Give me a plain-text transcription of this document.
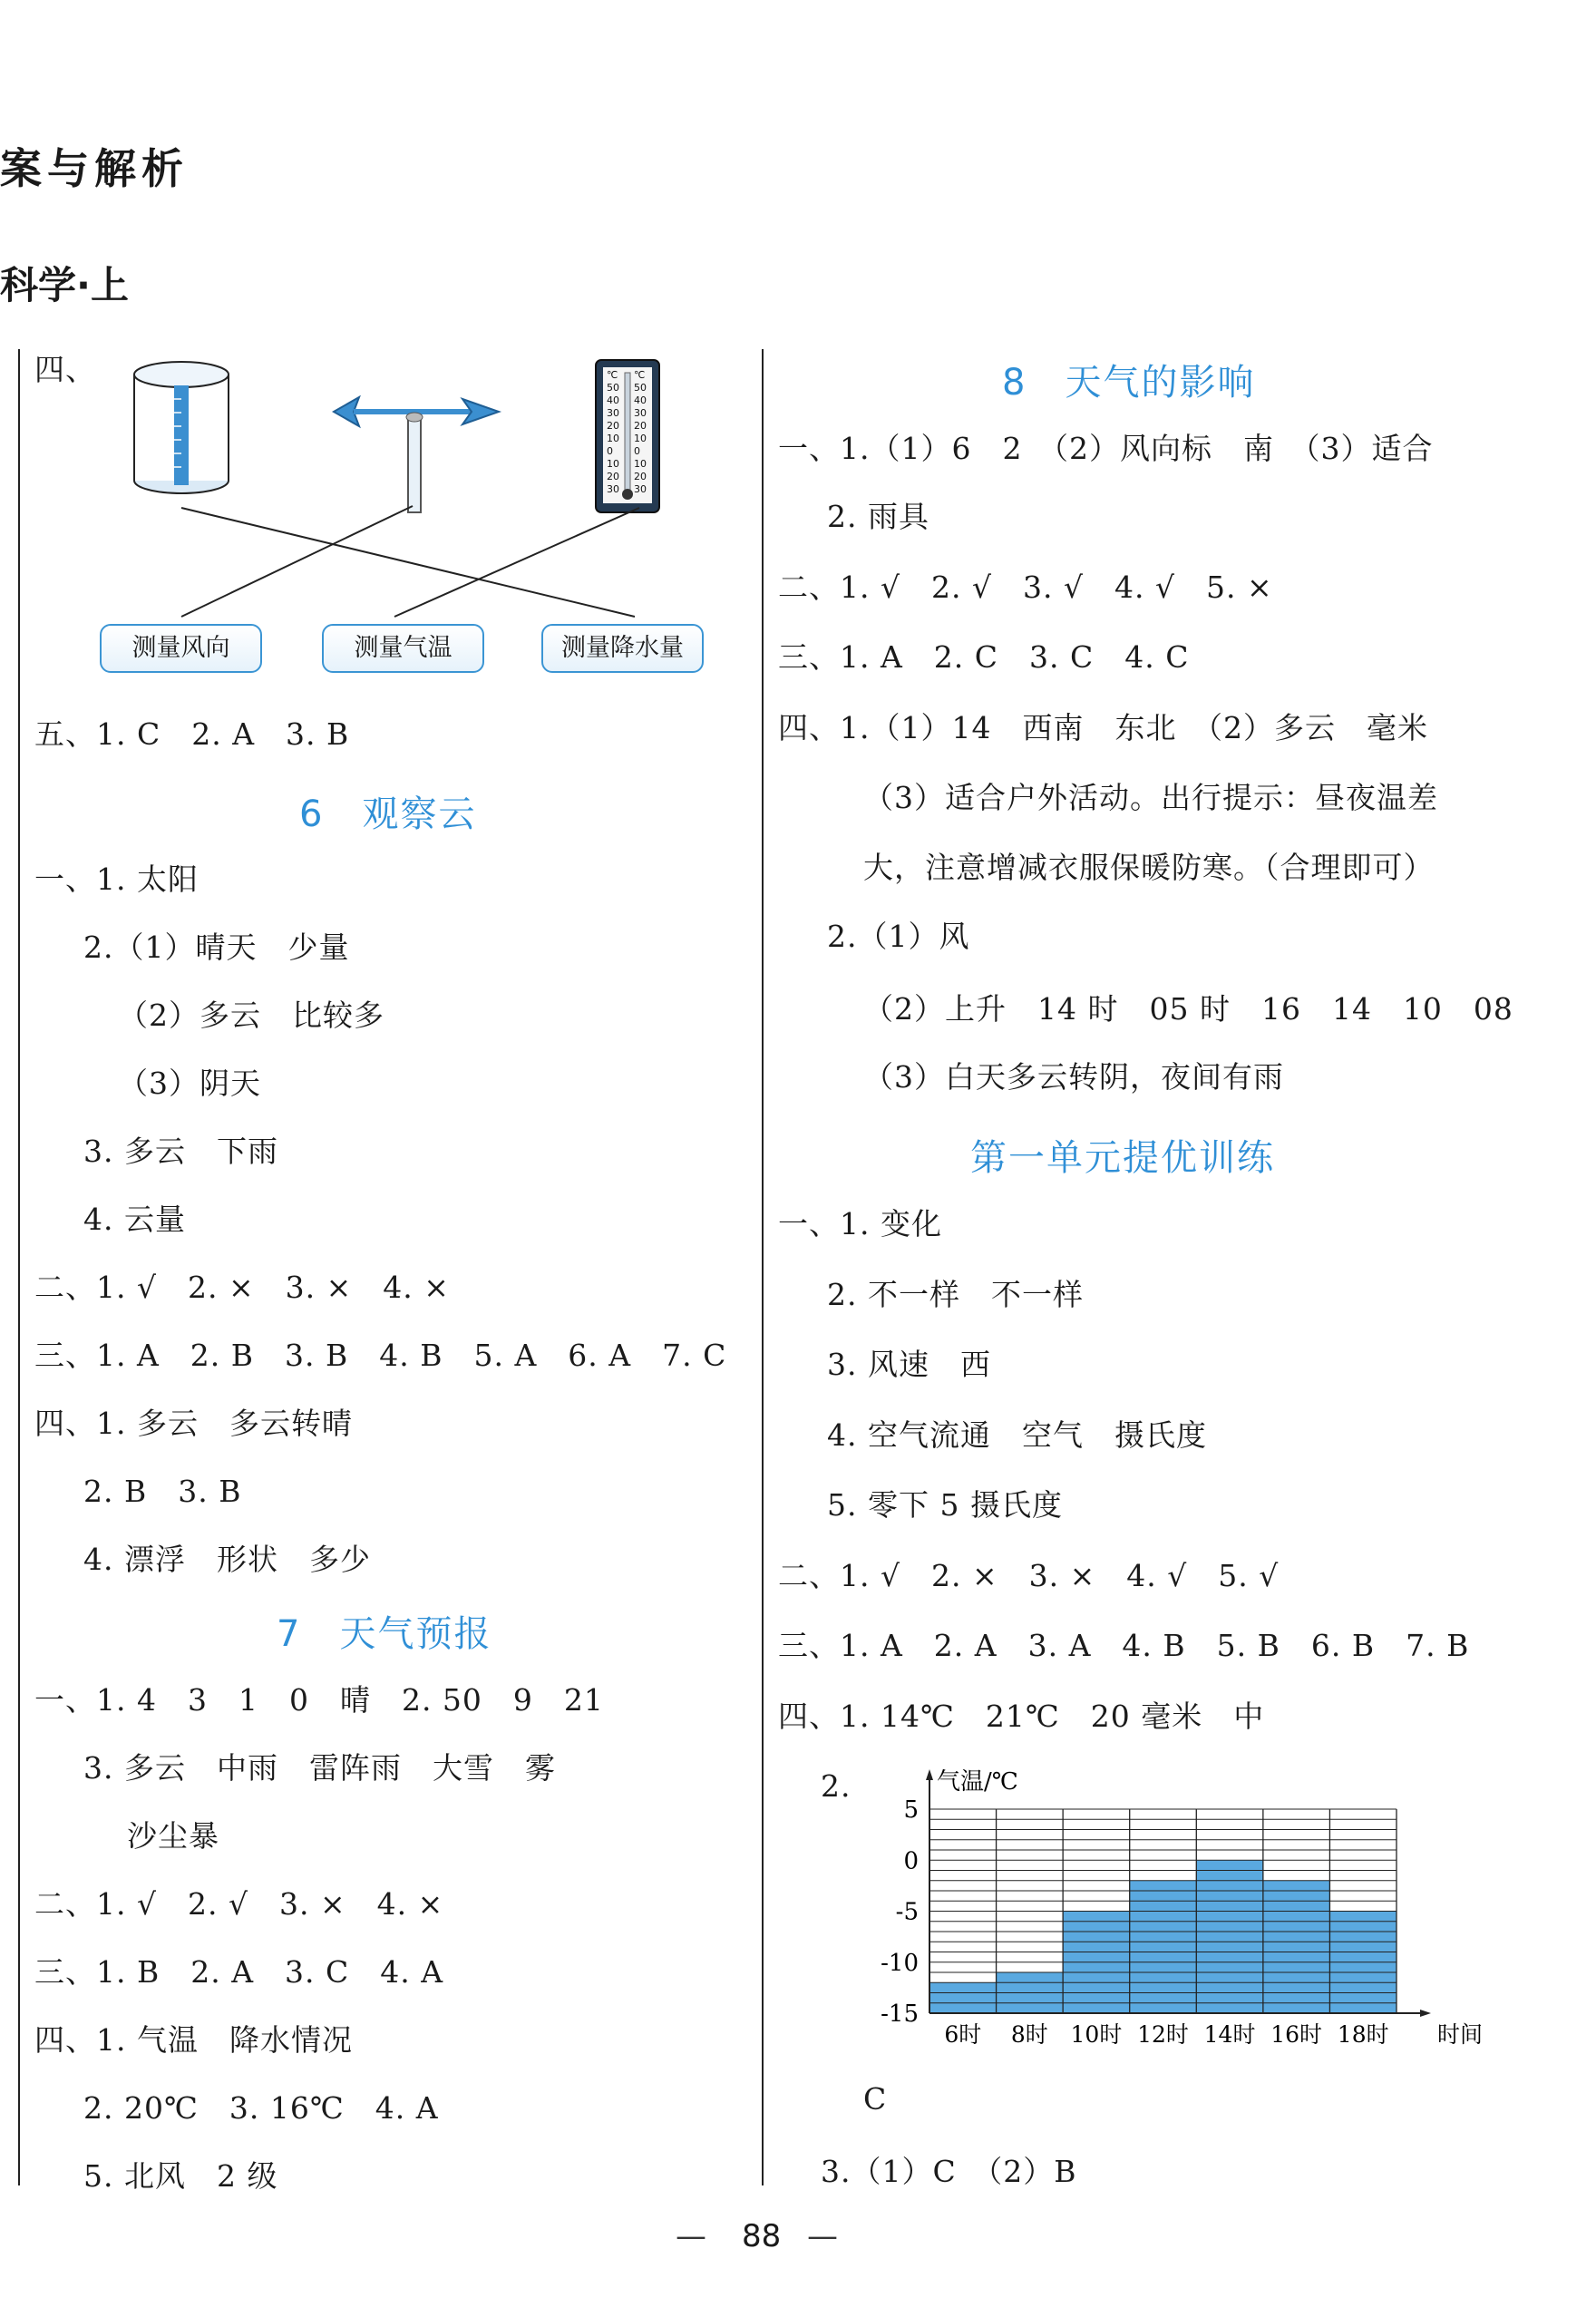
案与解析
科学·上
四、	℃
50
40
30
20
10
0
10
20
30
℃
50
40
30
20
10
0
10
20
30
测量风向	测量气温	测量降水量
五、1. C　2. A　3. B
6　观察云
一、1. 太阳
2.（1）晴天　少量
（2）多云　比较多
（3）阴天
3. 多云　下雨
4. 云量
二、1. √　2. ×　3. ×　4. ×
三、1. A　2. B　3. B　4. B　5. A　6. A　7. C
四、1. 多云　多云转晴
2. B　3. B
4. 漂浮　形状　多少
7　天气预报
一、1. 4　3　1　0　晴　2. 50　9　21
3. 多云　中雨　雷阵雨　大雪　雾
沙尘暴
二、1. √　2. √　3. ×　4. ×
三、1. B　2. A　3. C　4. A
四、1. 气温　降水情况
2. 20℃　3. 16℃　4. A
5. 北风　2 级
8　天气的影响
一、1.（1）6　2　（2）风向标　南　（3）适合
2. 雨具
二、1. √　2. √　3. √　4. √　5. ×
三、1. A　2. C　3. C　4. C
四、1.（1）14　西南　东北　（2）多云　毫米
（3）适合户外活动。出行提示：昼夜温差
大，注意增减衣服保暖防寒。（合理即可）
2.（1）风
（2）上升　14 时　05 时　16　14　10　08
（3）白天多云转阴，夜间有雨
第一单元提优训练
一、1. 变化
2. 不一样　不一样
3. 风速　西
4. 空气流通　空气　摄氏度
5. 零下 5 摄氏度
二、1. √　2. ×　3. ×　4. √　5. √
三、1. A　2. A　3. A　4. B　5. B　6. B　7. B
四、1. 14℃　21℃　20 毫米　中
2.	气温/℃
5
0
-5
-10
-15
6时 8时 10时 12时 14时 16时 18时 时间
C
3.（1）C　（2）B
— 88 —
